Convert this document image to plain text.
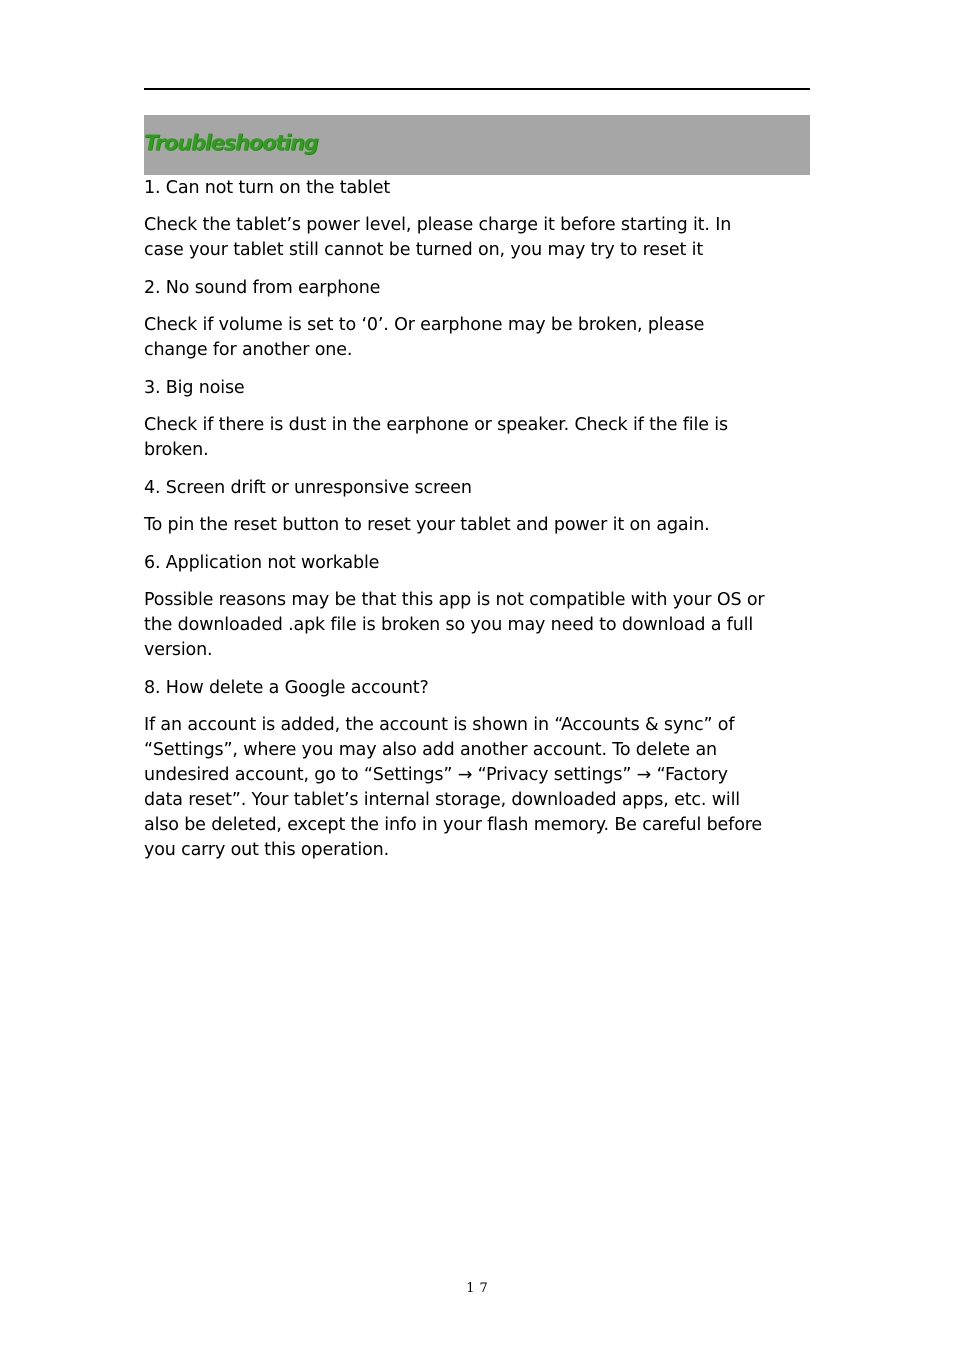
Troubleshooting

1. Can not turn on the tablet

Check the tablet’s power level, please charge it before starting it. In
case your tablet still cannot be turned on, you may try to reset it

2. No sound from earphone

Check if volume is set to ‘0’. Or earphone may be broken, please
change for another one.

3. Big noise

Check if there is dust in the earphone or speaker. Check if the file is
broken.

4. Screen drift or unresponsive screen

To pin the reset button to reset your tablet and power it on again.

6. Application not workable

Possible reasons may be that this app is not compatible with your OS or
the downloaded .apk file is broken so you may need to download a full
version.

8. How delete a Google account?

If an account is added, the account is shown in “Accounts & sync” of
“Settings”, where you may also add another account. To delete an
undesired account, go to “Settings” → “Privacy settings” → “Factory
data reset”. Your tablet’s internal storage, downloaded apps, etc. will
also be deleted, except the info in your flash memory. Be careful before
you carry out this operation.

17
